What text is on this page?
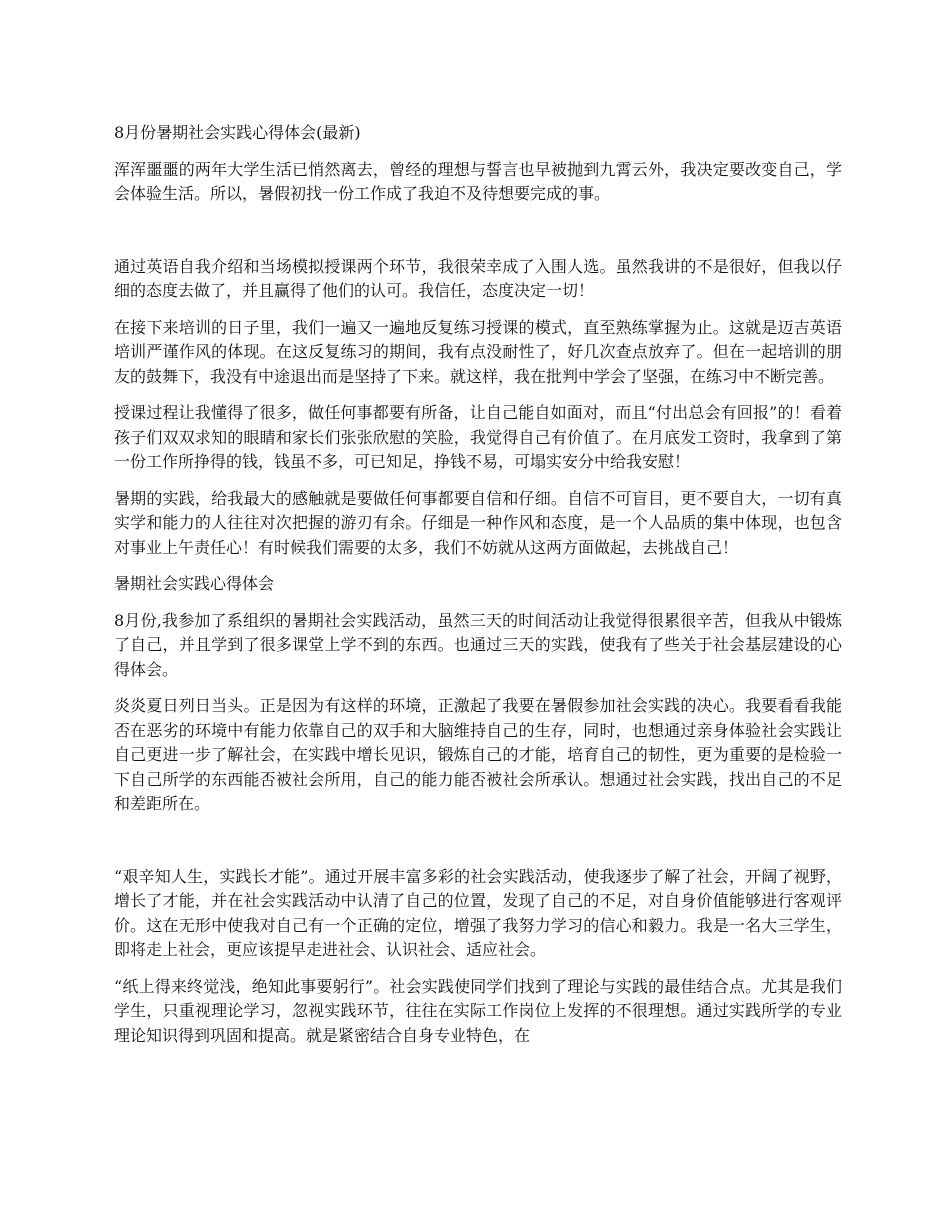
8月份暑期社会实践心得体会(最新)

浑浑噩噩的两年大学生活已悄然离去，曾经的理想与誓言也早被抛到九霄云外，我决定要改变自己，学会体验生活。所以，暑假初找一份工作成了我迫不及待想要完成的事。

通过英语自我介绍和当场模拟授课两个环节，我很荣幸成了入围人选。虽然我讲的不是很好，但我以仔细的态度去做了，并且赢得了他们的认可。我信任，态度决定一切！

在接下来培训的日子里，我们一遍又一遍地反复练习授课的模式，直至熟练掌握为止。这就是迈吉英语培训严谨作风的体现。在这反复练习的期间，我有点没耐性了，好几次查点放弃了。但在一起培训的朋友的鼓舞下，我没有中途退出而是坚持了下来。就这样，我在批判中学会了坚强，在练习中不断完善。

授课过程让我懂得了很多，做任何事都要有所备，让自己能自如面对，而且“付出总会有回报”的！看着孩子们双双求知的眼睛和家长们张张欣慰的笑脸，我觉得自己有价值了。在月底发工资时，我拿到了第一份工作所挣得的钱，钱虽不多，可已知足，挣钱不易，可塌实安分中给我安慰！

暑期的实践，给我最大的感触就是要做任何事都要自信和仔细。自信不可盲目，更不要自大，一切有真实学和能力的人往往对次把握的游刃有余。仔细是一种作风和态度，是一个人品质的集中体现，也包含对事业上午责任心！有时候我们需要的太多，我们不妨就从这两方面做起，去挑战自己！

暑期社会实践心得体会

8月份,我参加了系组织的暑期社会实践活动，虽然三天的时间活动让我觉得很累很辛苦，但我从中锻炼了自己，并且学到了很多课堂上学不到的东西。也通过三天的实践，使我有了些关于社会基层建设的心得体会。

炎炎夏日列日当头。正是因为有这样的环境，正激起了我要在暑假参加社会实践的决心。我要看看我能否在恶劣的环境中有能力依靠自己的双手和大脑维持自己的生存，同时，也想通过亲身体验社会实践让自己更进一步了解社会，在实践中增长见识，锻炼自己的才能，培育自己的韧性，更为重要的是检验一下自己所学的东西能否被社会所用，自己的能力能否被社会所承认。想通过社会实践，找出自己的不足和差距所在。

“艰辛知人生，实践长才能”。通过开展丰富多彩的社会实践活动，使我逐步了解了社会，开阔了视野，增长了才能，并在社会实践活动中认清了自己的位置，发现了自己的不足，对自身价值能够进行客观评价。这在无形中使我对自己有一个正确的定位，增强了我努力学习的信心和毅力。我是一名大三学生，即将走上社会，更应该提早走进社会、认识社会、适应社会。

“纸上得来终觉浅，绝知此事要躬行”。社会实践使同学们找到了理论与实践的最佳结合点。尤其是我们学生，只重视理论学习，忽视实践环节，往往在实际工作岗位上发挥的不很理想。通过实践所学的专业理论知识得到巩固和提高。就是紧密结合自身专业特色，在
